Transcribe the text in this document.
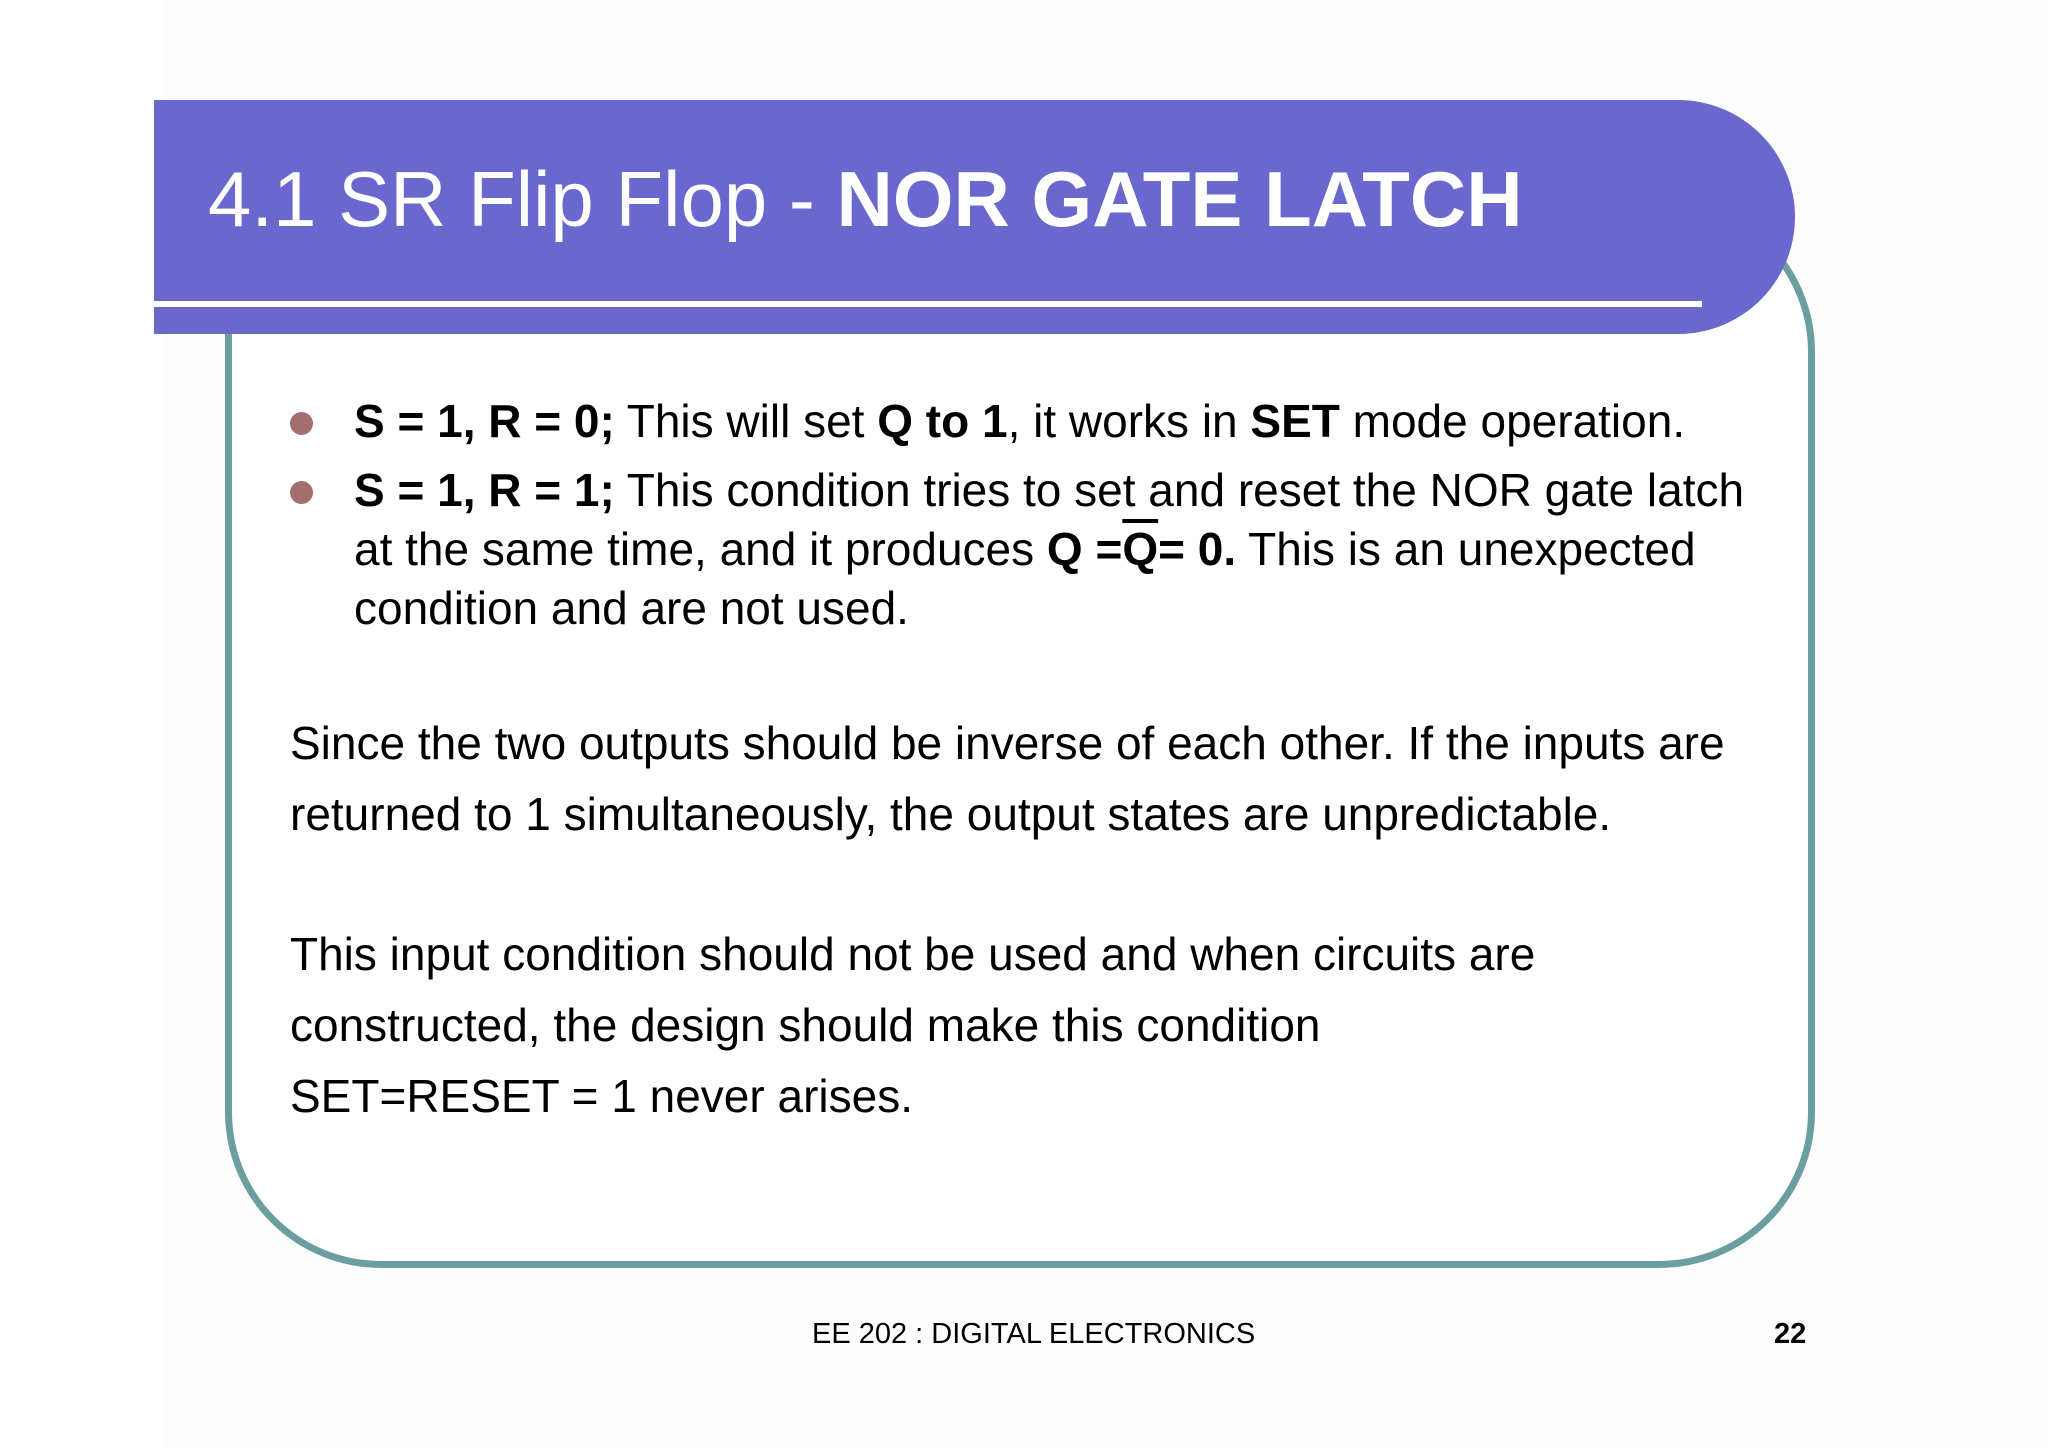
4.1 SR Flip Flop - NOR GATE LATCH
S = 1, R = 0; This will set Q to 1, it works in SET mode operation.
S = 1, R = 1; This condition tries to set and reset the NOR gate latch at the same time, and it produces $Q =\overline{Q}= 0$. This is an unexpected condition and are not used.

Since the two outputs should be inverse of each other. If the inputs are returned to 1 simultaneously, the output states are unpredictable.

This input condition should not be used and when circuits are
constructed, the design should make this condition
SET=RESET = 1 never arises.

EE 202 : DIGITAL ELECTRONICS	22
